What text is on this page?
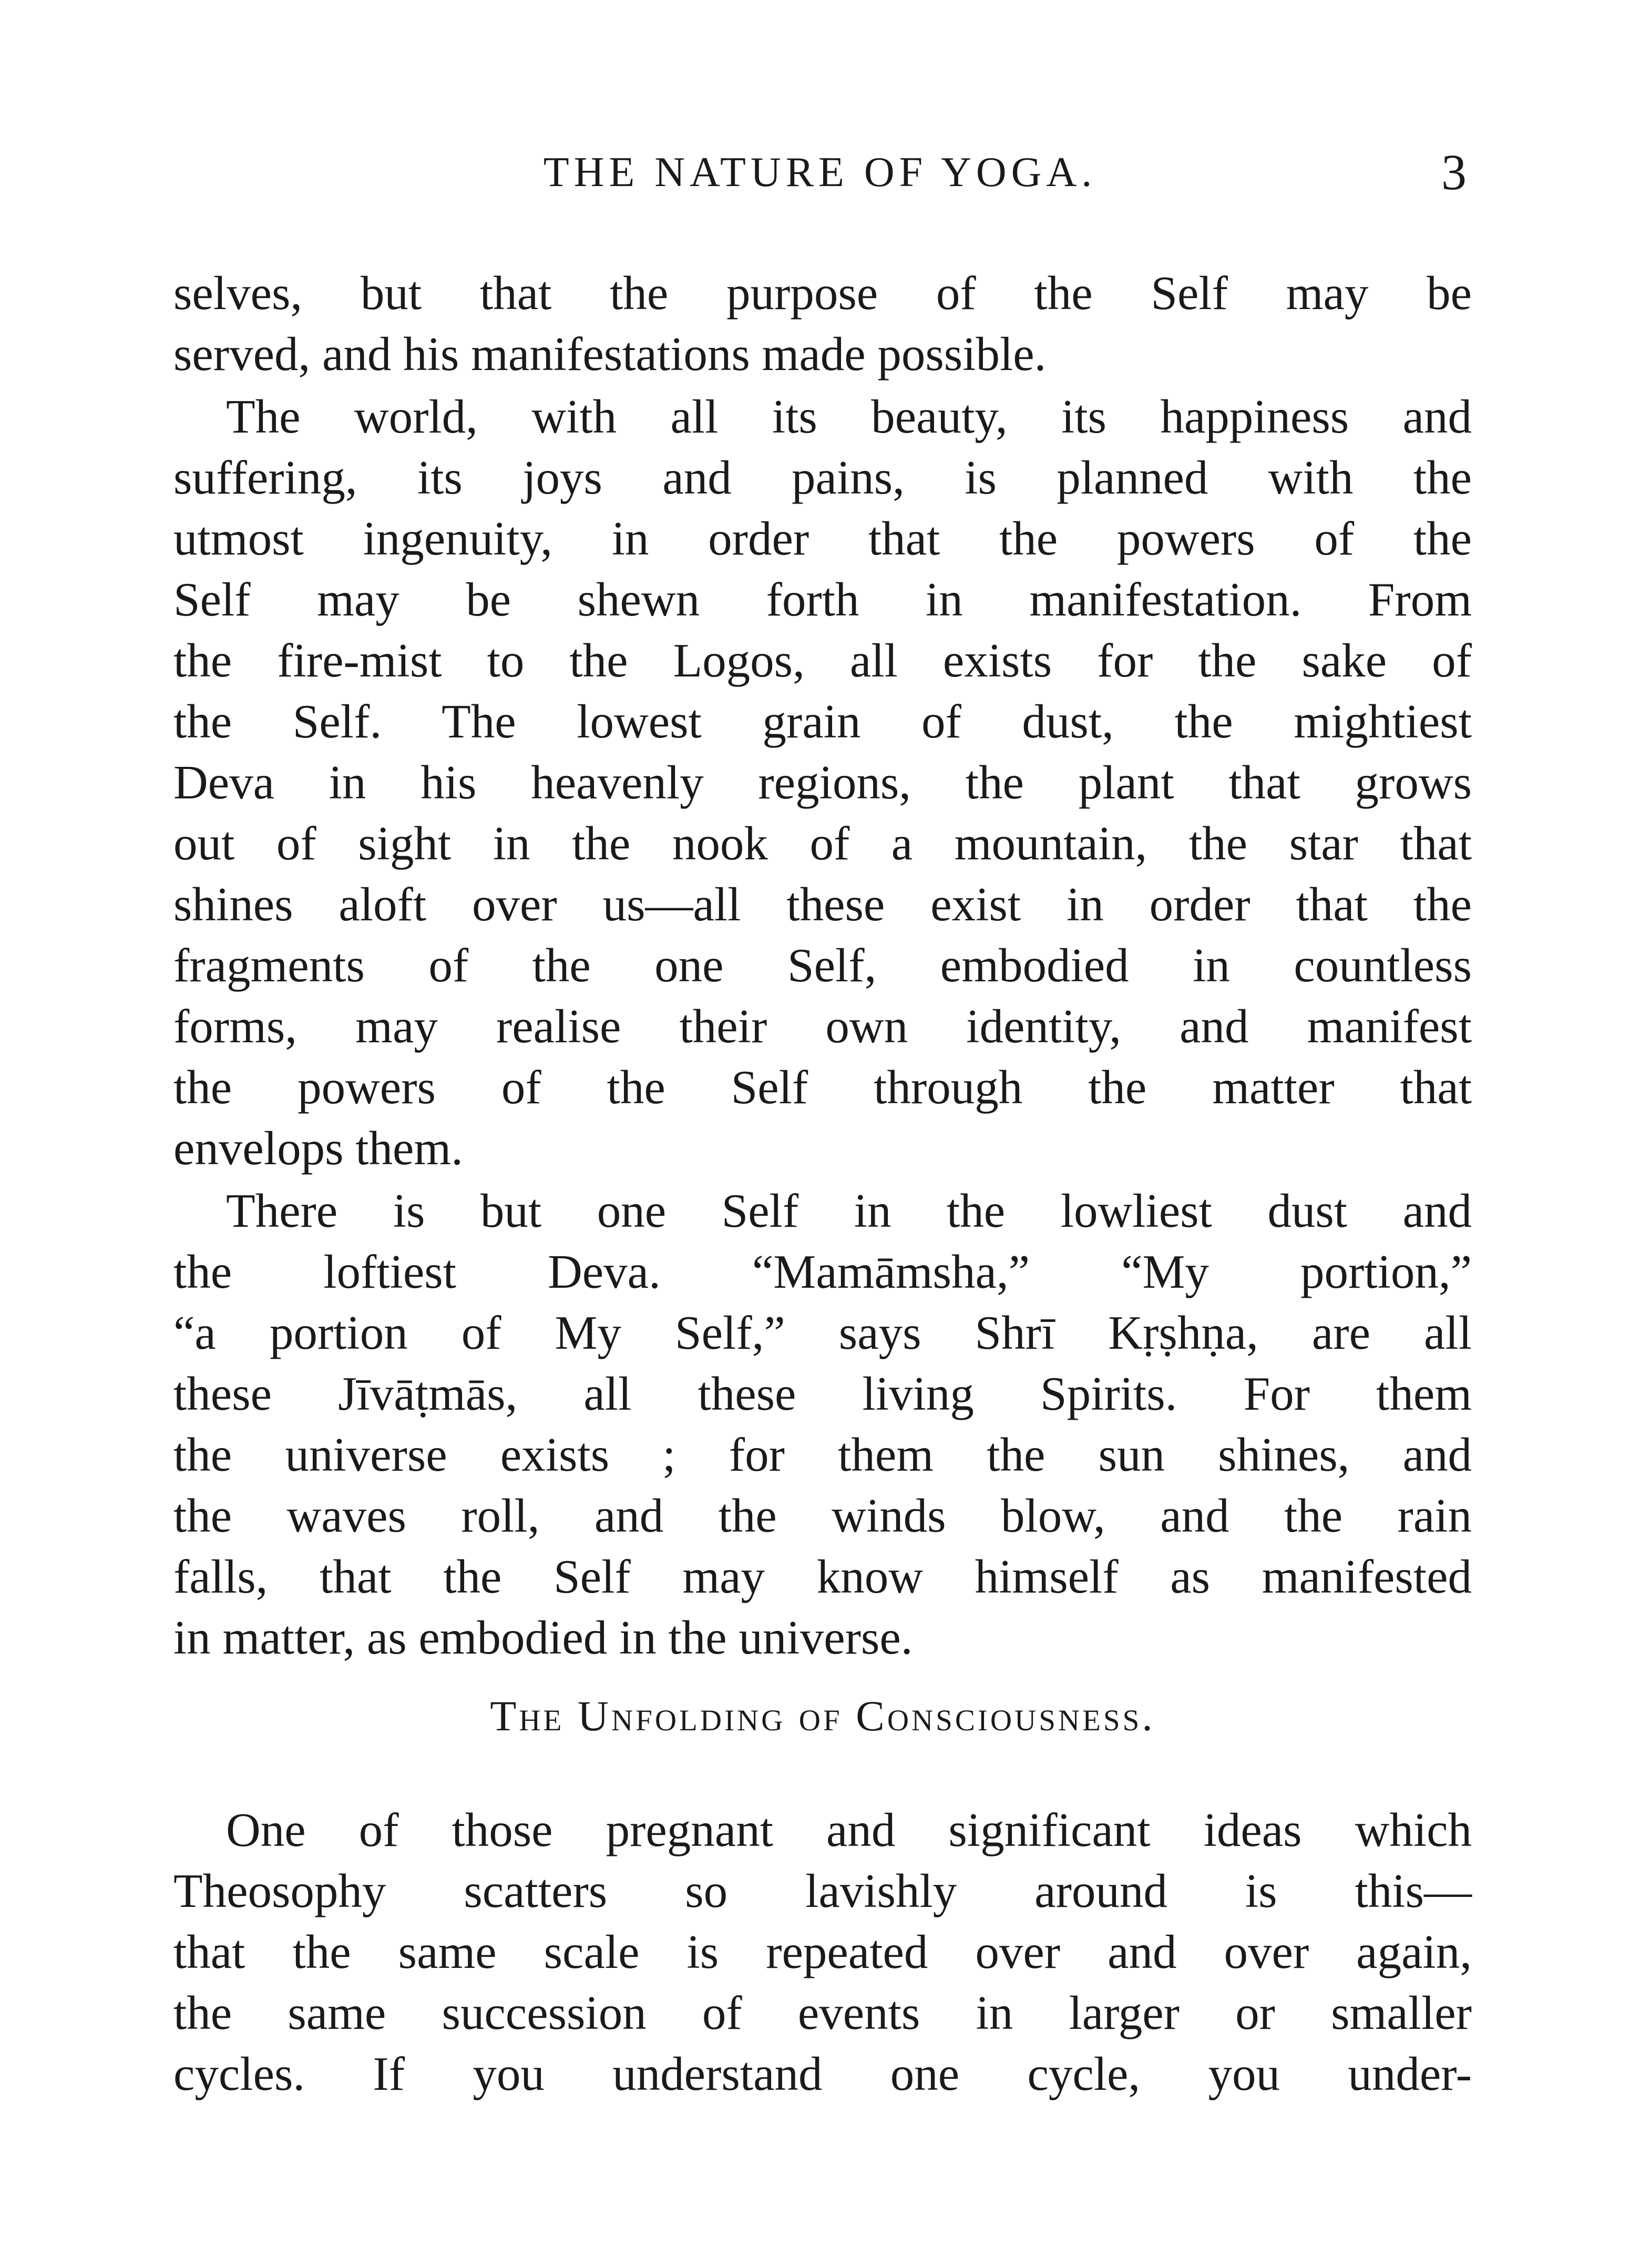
THE NATURE OF YOGA.	3
selves, but that the purpose of the Self may be
served, and his manifestations made possible.
The world, with all its beauty, its happiness and
suffering, its joys and pains, is planned with the
utmost ingenuity, in order that the powers of the
Self may be shewn forth in manifestation. From
the fire-mist to the Logos, all exists for the sake of
the Self. The lowest grain of dust, the mightiest
Deva in his heavenly regions, the plant that grows
out of sight in the nook of a mountain, the star that
shines aloft over us—all these exist in order that the
fragments of the one Self, embodied in countless
forms, may realise their own identity, and manifest
the powers of the Self through the matter that
envelops them.
There is but one Self in the lowliest dust and
the loftiest Deva. “Mamāmsha,” “My portion,”
“a portion of My Self,” says Shrī Kṛṣhṇa, are all
these Jīvāṭmās, all these living Spirits. For them
the universe exists ; for them the sun shines, and
the waves roll, and the winds blow, and the rain
falls, that the Self may know himself as manifested
in matter, as embodied in the universe.
The Unfolding of Consciousness.
One of those pregnant and significant ideas which
Theosophy scatters so lavishly around is this—
that the same scale is repeated over and over again,
the same succession of events in larger or smaller
cycles. If you understand one cycle, you under-
